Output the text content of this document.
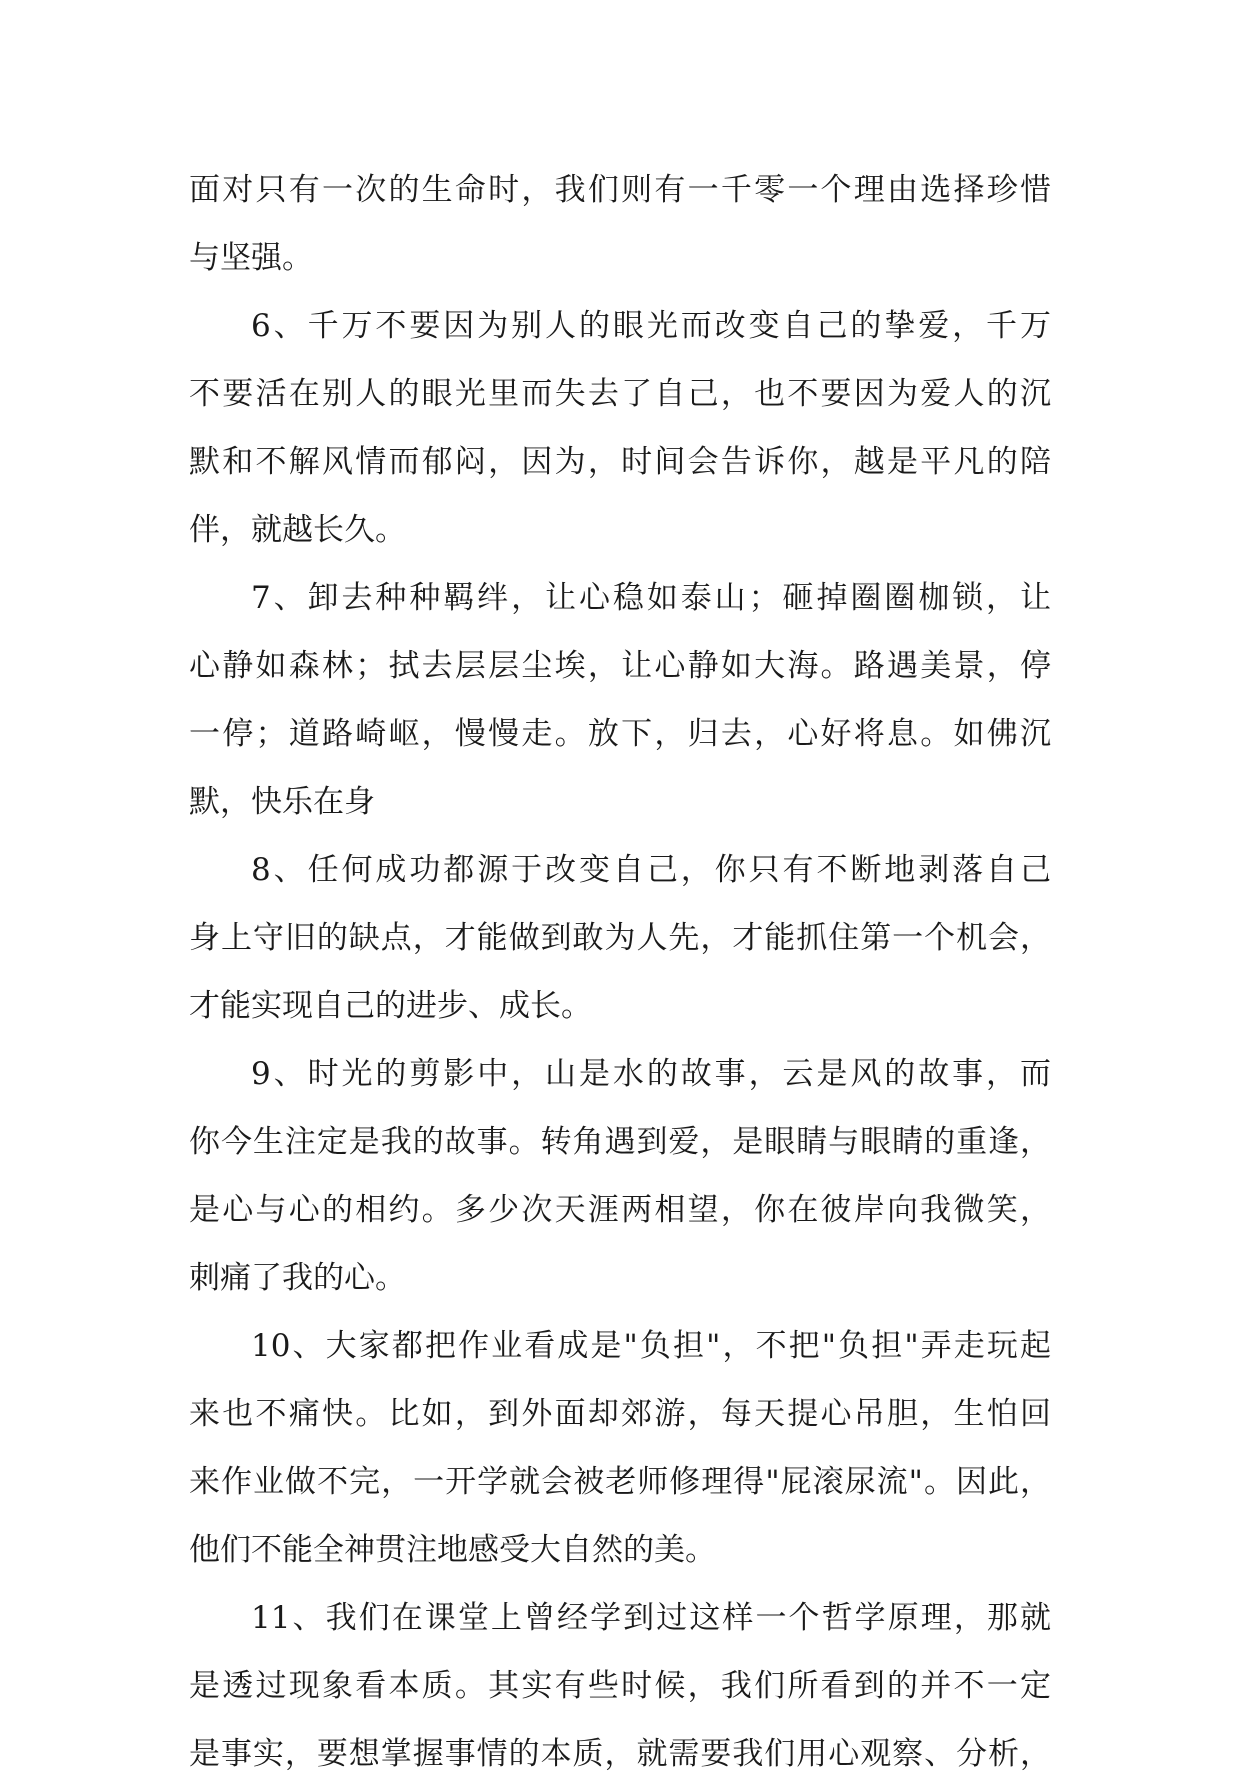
面对只有一次的生命时，我们则有一千零一个理由选择珍惜
与坚强。
6、千万不要因为别人的眼光而改变自己的挚爱，千万
不要活在别人的眼光里而失去了自己，也不要因为爱人的沉
默和不解风情而郁闷，因为，时间会告诉你，越是平凡的陪
伴，就越长久。
7、卸去种种羁绊，让心稳如泰山；砸掉圈圈枷锁，让
心静如森林；拭去层层尘埃，让心静如大海。路遇美景，停
一停；道路崎岖，慢慢走。放下，归去，心好将息。如佛沉
默，快乐在身
8、任何成功都源于改变自己，你只有不断地剥落自己
身上守旧的缺点，才能做到敢为人先，才能抓住第一个机会，
才能实现自己的进步、成长。
9、时光的剪影中，山是水的故事，云是风的故事，而
你今生注定是我的故事。转角遇到爱，是眼睛与眼睛的重逢，
是心与心的相约。多少次天涯两相望，你在彼岸向我微笑，
刺痛了我的心。
10、大家都把作业看成是"负担"，不把"负担"弄走玩起
来也不痛快。比如，到外面却郊游，每天提心吊胆，生怕回
来作业做不完，一开学就会被老师修理得"屁滚尿流"。因此，
他们不能全神贯注地感受大自然的美。
11、我们在课堂上曾经学到过这样一个哲学原理，那就
是透过现象看本质。其实有些时候，我们所看到的并不一定
是事实，要想掌握事情的本质，就需要我们用心观察、分析，
